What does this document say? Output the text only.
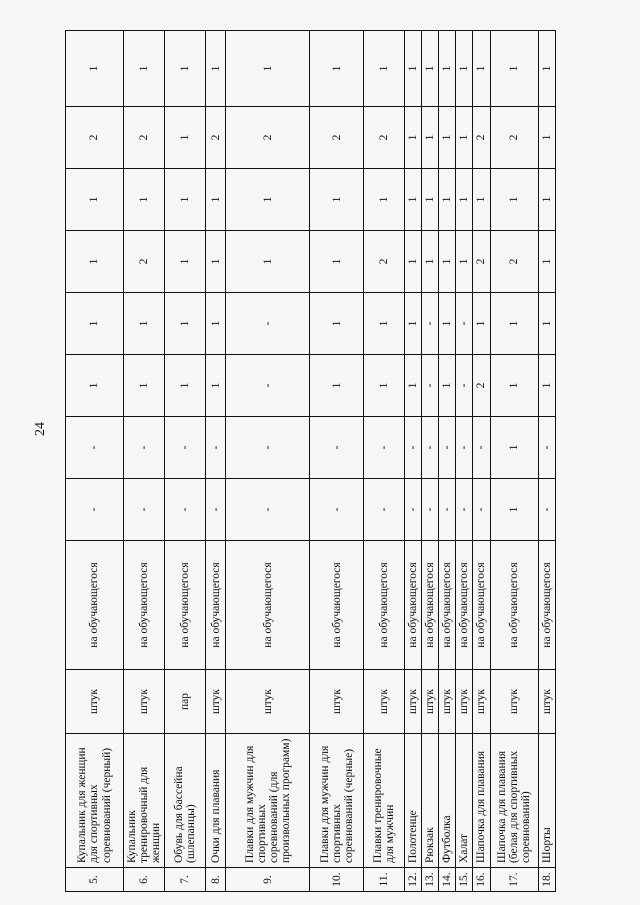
24
5.	Купальник для женщин для спортивных соревнований (черный)	штук	на обучающегося	-	-	1	1	1	1	2	1
6.	Купальник тренировочный для женщин	штук	на обучающегося	-	-	1	1	2	1	2	1
7.	Обувь для бассейна (шлепанцы)	пар	на обучающегося	-	-	1	1	1	1	1	1
8.	Очки для плавания	штук	на обучающегося	-	-	1	1	1	1	2	1
9.	Плавки для мужчин для спортивных соревнований (для произвольных программ)	штук	на обучающегося	-	-	-	-	1	1	2	1
10.	Плавки для мужчин для спортивных соревнований (черные)	штук	на обучающегося	-	-	1	1	1	1	2	1
11.	Плавки тренировочные для мужчин	штук	на обучающегося	-	-	1	1	2	1	2	1
12.	Полотенце	штук	на обучающегося	-	-	1	1	1	1	1	1
13.	Рюкзак	штук	на обучающегося	-	-	-	-	1	1	1	1
14.	Футболка	штук	на обучающегося	-	-	1	1	1	1	1	1
15.	Халат	штук	на обучающегося	-	-	-	-	1	1	1	1
16.	Шапочка для плавания	штук	на обучающегося	-	-	2	1	2	1	2	1
17.	Шапочка для плавания (белая для спортивных соревнований)	штук	на обучающегося	1	1	1	1	2	1	2	1
18.	Шорты	штук	на обучающегося	-	-	1	1	1	1	1	1
